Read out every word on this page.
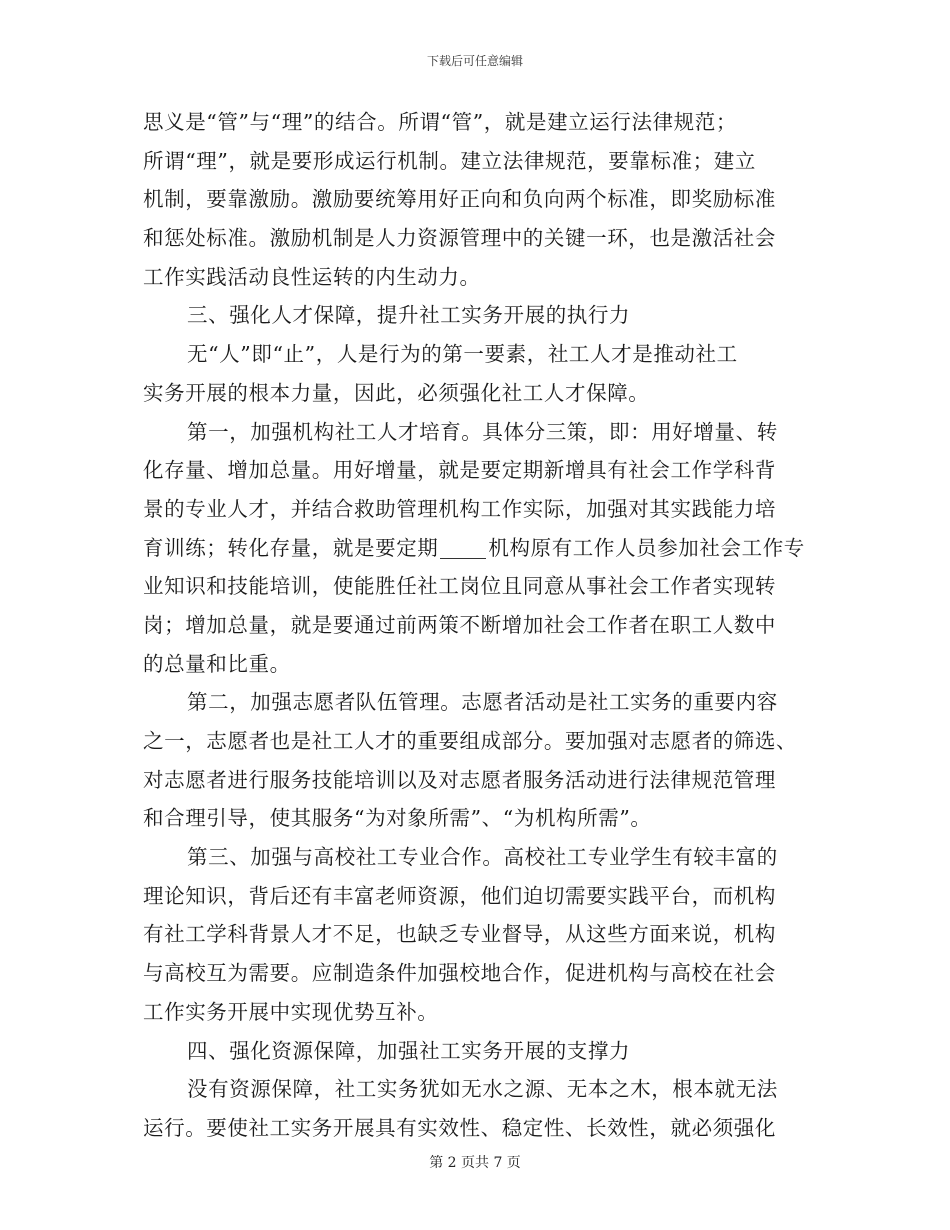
下载后可任意编辑
思义是“管”与“理”的结合。所谓“管”，就是建立运行法律规范；
所谓“理”，就是要形成运行机制。建立法律规范，要靠标准；建立
机制，要靠激励。激励要统筹用好正向和负向两个标准，即奖励标准
和惩处标准。激励机制是人力资源管理中的关键一环，也是激活社会
工作实践活动良性运转的内生动力。
三、强化人才保障，提升社工实务开展的执行力
无“人”即“止”，人是行为的第一要素，社工人才是推动社工
实务开展的根本力量，因此，必须强化社工人才保障。
第一，加强机构社工人才培育。具体分三策，即：用好增量、转
化存量、增加总量。用好增量，就是要定期新增具有社会工作学科背
景的专业人才，并结合救助管理机构工作实际，加强对其实践能力培
育训练；转化存量，就是要定期 机构原有工作人员参加社会工作专
业知识和技能培训，使能胜任社工岗位且同意从事社会工作者实现转
岗；增加总量，就是要通过前两策不断增加社会工作者在职工人数中
的总量和比重。
第二，加强志愿者队伍管理。志愿者活动是社工实务的重要内容
之一，志愿者也是社工人才的重要组成部分。要加强对志愿者的筛选、
对志愿者进行服务技能培训以及对志愿者服务活动进行法律规范管理
和合理引导，使其服务“为对象所需”、“为机构所需”。
第三、加强与高校社工专业合作。高校社工专业学生有较丰富的
理论知识，背后还有丰富老师资源，他们迫切需要实践平台，而机构
有社工学科背景人才不足，也缺乏专业督导，从这些方面来说，机构
与高校互为需要。应制造条件加强校地合作，促进机构与高校在社会
工作实务开展中实现优势互补。
四、强化资源保障，加强社工实务开展的支撑力
没有资源保障，社工实务犹如无水之源、无本之木，根本就无法
运行。要使社工实务开展具有实效性、稳定性、长效性，就必须强化
第 2 页共 7 页
